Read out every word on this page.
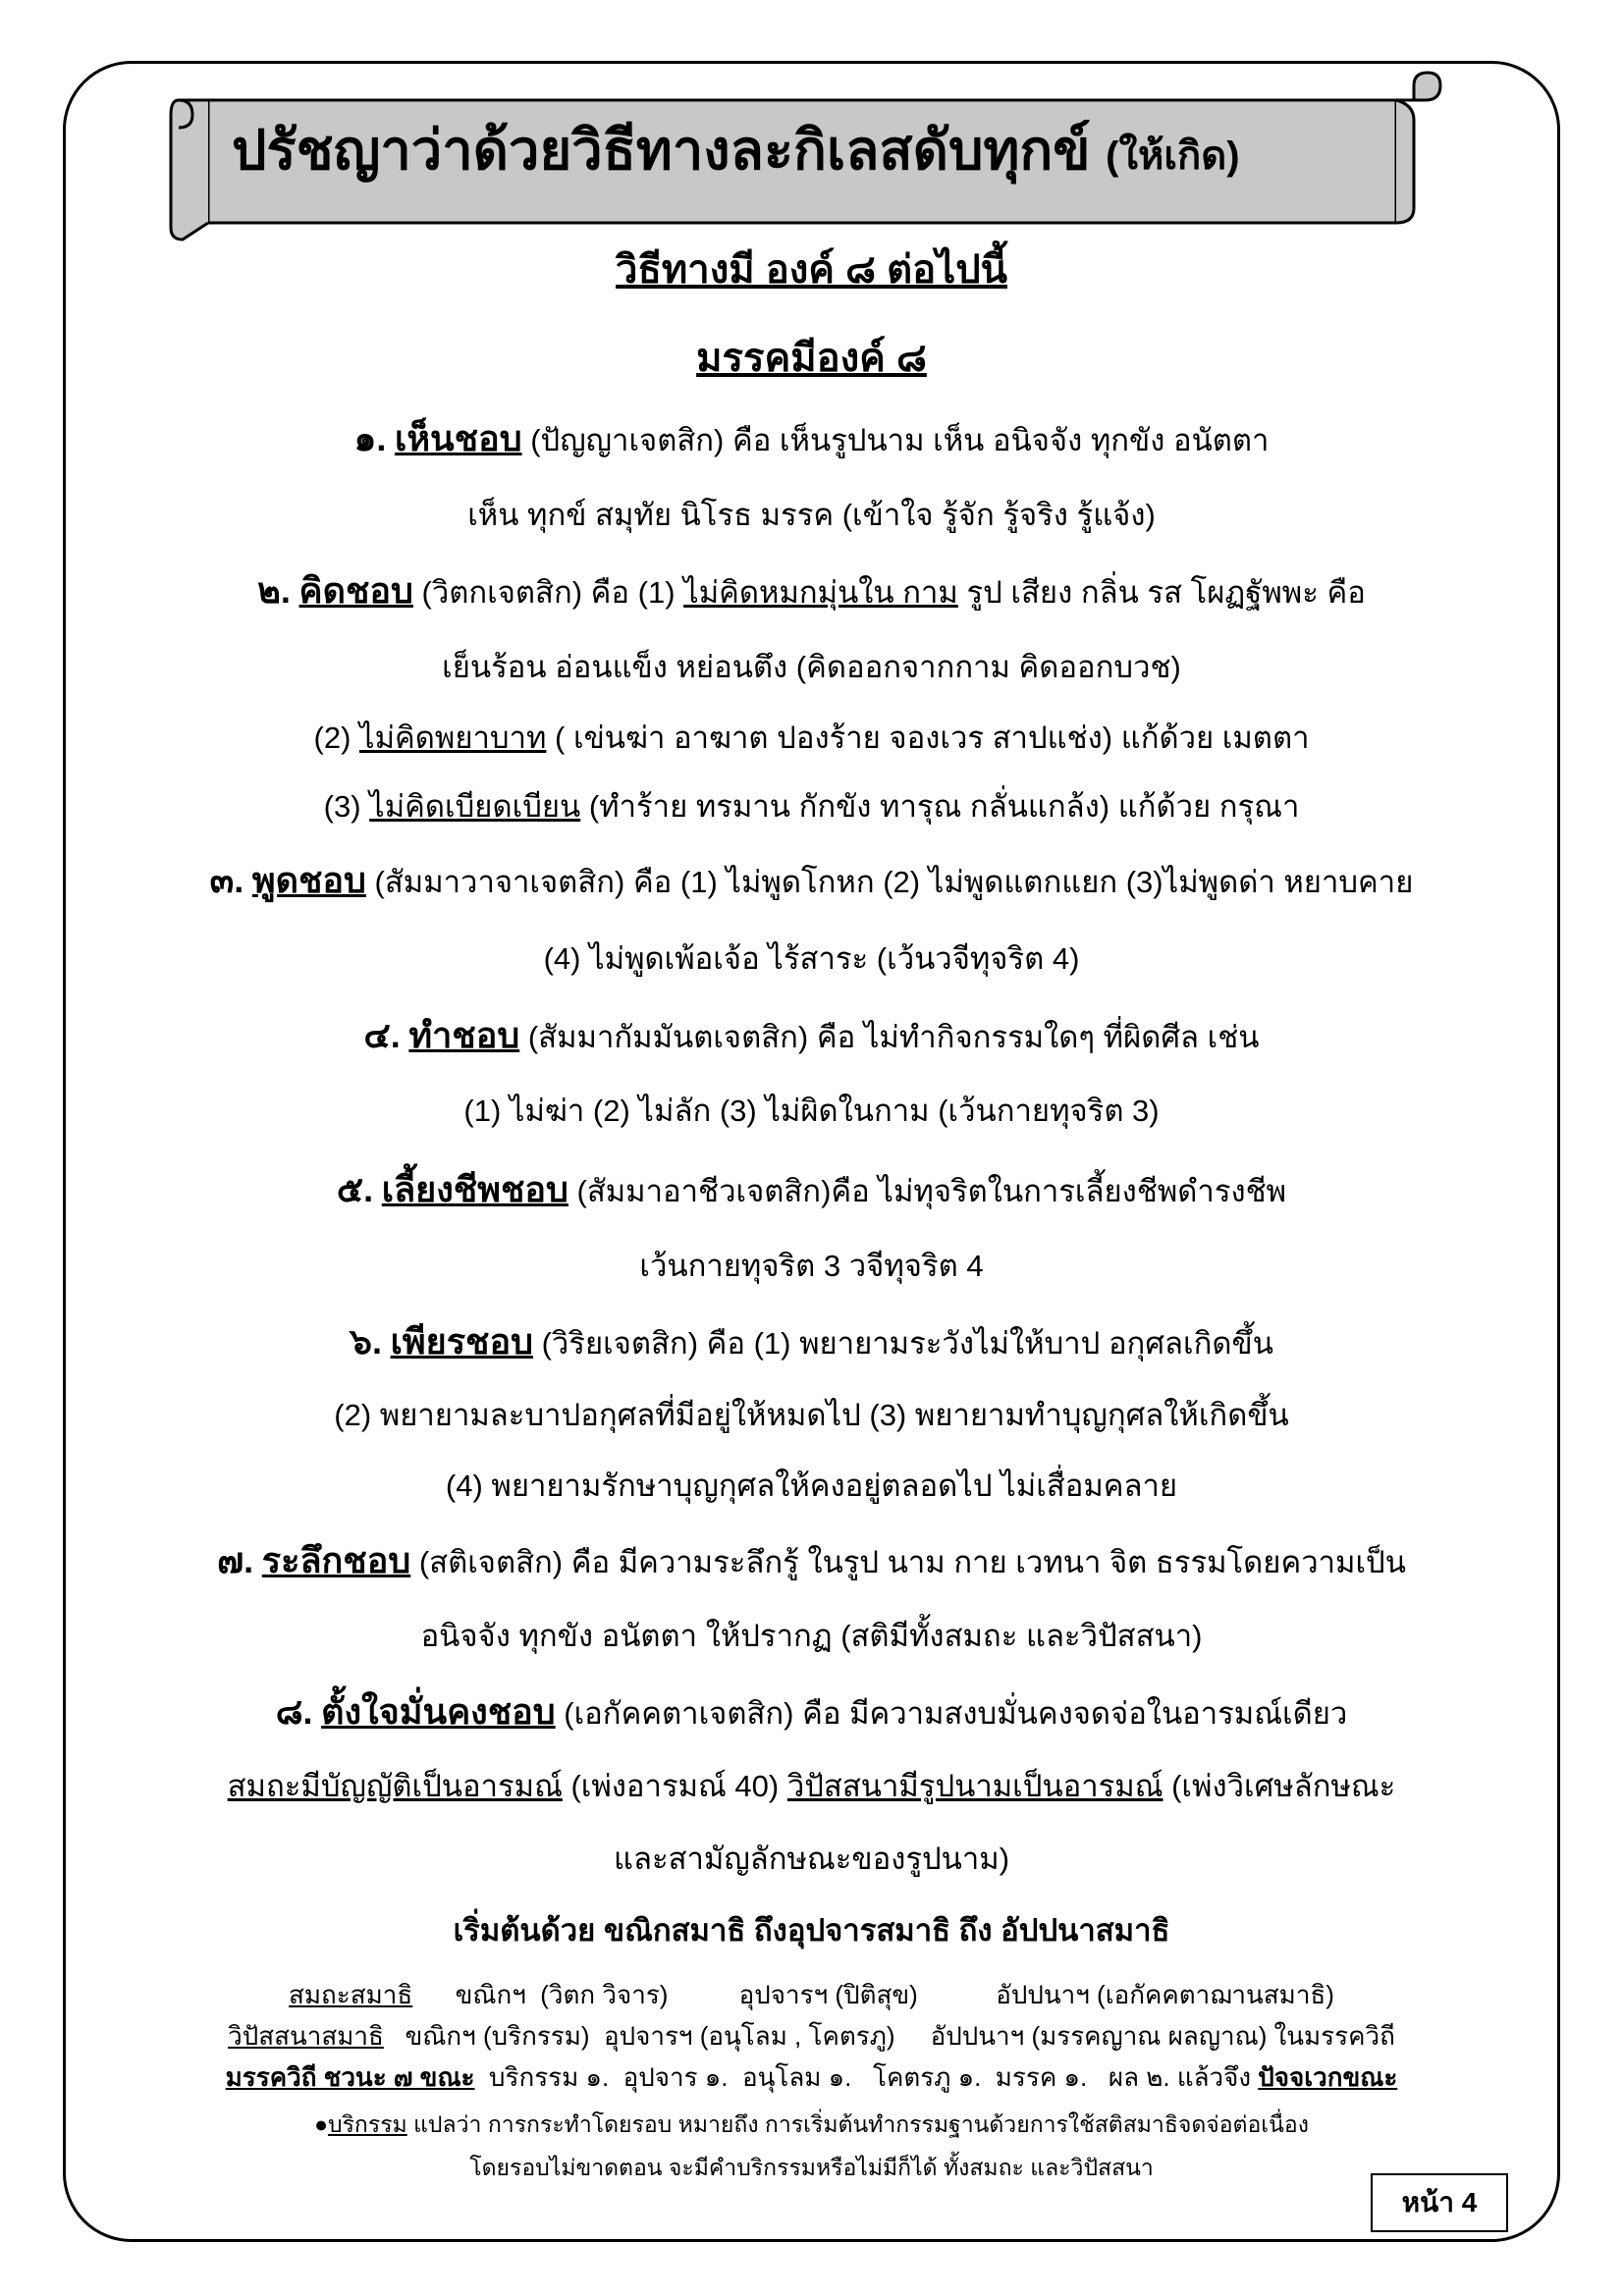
ปรัชญาว่าด้วยวิธีทางละกิเลสดับทุกข์ (ให้เกิด)
วิธีทางมี องค์ ๘ ต่อไปนี้
มรรคมีองค์ ๘
๑. เห็นชอบ (ปัญญาเจตสิก) คือ เห็นรูปนาม เห็น อนิจจัง ทุกขัง อนัตตา
เห็น ทุกข์ สมุทัย นิโรธ มรรค (เข้าใจ รู้จัก รู้จริง รู้แจ้ง)
๒. คิดชอบ (วิตกเจตสิก) คือ (1) ไม่คิดหมกมุ่นใน กาม รูป เสียง กลิ่น รส โผฏฐัพพะ คือ
เย็นร้อน อ่อนแข็ง หย่อนตึง (คิดออกจากกาม คิดออกบวช)
(2) ไม่คิดพยาบาท ( เข่นฆ่า อาฆาต ปองร้าย จองเวร สาปแช่ง) แก้ด้วย เมตตา
(3) ไม่คิดเบียดเบียน (ทำร้าย ทรมาน กักขัง ทารุณ กลั่นแกล้ง) แก้ด้วย กรุณา
๓. พูดชอบ (สัมมาวาจาเจตสิก) คือ (1) ไม่พูดโกหก (2) ไม่พูดแตกแยก (3)ไม่พูดด่า หยาบคาย
(4) ไม่พูดเพ้อเจ้อ ไร้สาระ (เว้นวจีทุจริต 4)
๔. ทำชอบ (สัมมากัมมันตเจตสิก) คือ ไม่ทำกิจกรรมใดๆ ที่ผิดศีล เช่น
(1) ไม่ฆ่า (2) ไม่ลัก (3) ไม่ผิดในกาม (เว้นกายทุจริต 3)
๕. เลี้ยงชีพชอบ (สัมมาอาชีวเจตสิก)คือ ไม่ทุจริตในการเลี้ยงชีพดำรงชีพ
เว้นกายทุจริต 3 วจีทุจริต 4
๖. เพียรชอบ (วิริยเจตสิก) คือ (1) พยายามระวังไม่ให้บาป อกุศลเกิดขึ้น
(2) พยายามละบาปอกุศลที่มีอยู่ให้หมดไป (3) พยายามทำบุญกุศลให้เกิดขึ้น
(4) พยายามรักษาบุญกุศลให้คงอยู่ตลอดไป ไม่เสื่อมคลาย
๗. ระลึกชอบ (สติเจตสิก) คือ มีความระลึกรู้ ในรูป นาม กาย เวทนา จิต ธรรมโดยความเป็น
อนิจจัง ทุกขัง อนัตตา ให้ปรากฏ (สติมีทั้งสมถะ และวิปัสสนา)
๘. ตั้งใจมั่นคงชอบ (เอกัคคตาเจตสิก) คือ มีความสงบมั่นคงจดจ่อในอารมณ์เดียว
สมถะมีบัญญัติเป็นอารมณ์ (เพ่งอารมณ์ 40) วิปัสสนามีรูปนามเป็นอารมณ์ (เพ่งวิเศษลักษณะ
และสามัญลักษณะของรูปนาม)
เริ่มต้นด้วย ขณิกสมาธิ ถึงอุปจารสมาธิ ถึง อัปปนาสมาธิ
สมถะสมาธิ      ขณิกฯ  (วิตก วิจาร)          อุปจารฯ (ปิติสุข)           อัปปนาฯ (เอกัคคตาฌานสมาธิ)
วิปัสสนาสมาธิ   ขณิกฯ (บริกรรม)  อุปจารฯ (อนุโลม , โคตรภู)     อัปปนาฯ (มรรคญาณ ผลญาณ) ในมรรควิถี
มรรควิถี ชวนะ ๗ ขณะ  บริกรรม ๑.  อุปจาร ๑.  อนุโลม ๑.   โคตรภู ๑.  มรรค ๑.   ผล ๒. แล้วจึง ปัจจเวกขณะ
●บริกรรม แปลว่า การกระทำโดยรอบ หมายถึง การเริ่มต้นทำกรรมฐานด้วยการใช้สติสมาธิจดจ่อต่อเนื่อง
โดยรอบไม่ขาดตอน จะมีคำบริกรรมหรือไม่มีก็ได้ ทั้งสมถะ และวิปัสสนา
หน้า 4
